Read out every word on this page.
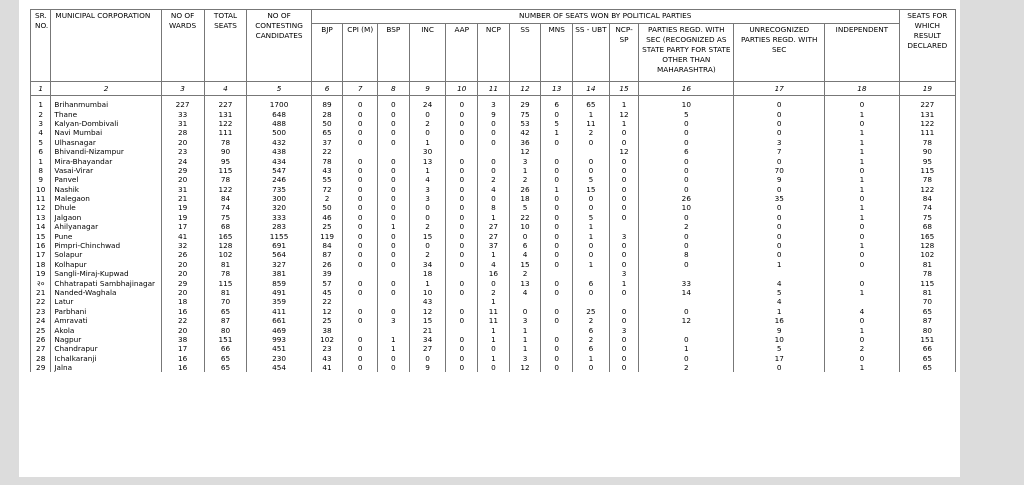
SR. NO.	MUNICIPAL CORPORATION	NO OF WARDS	TOTAL SEATS	NO OF CONTESTING CANDIDATES	NUMBER OF SEATS WON BY POLITICAL PARTIES													SEATS FOR WHICH RESULT DECLARED
					BJP	CPI (M)	BSP	INC	AAP	NCP	SS	MNS	SS - UBT	NCP-SP	PARTIES REGD. WITH SEC (RECOGNIZED AS STATE PARTY FOR STATE OTHER THAN MAHARASHTRA)	UNRECOGNIZED PARTIES REGD. WITH SEC	INDEPENDENT	
1	2	3	4	5	6	7	8	9	10	11	12	13	14	15	16	17	18	19

1	Brihanmumbai	227	227	1700	89	0	0	24	0	3	29	6	65	1	10	0	0	227
2	Thane	33	131	648	28	0	0	0	0	9	75	0	1	12	5	0	1	131
3	Kalyan-Dombivali	31	122	488	50	0	0	2	0	0	53	5	11	1	0	0	0	122
4	Navi Mumbai	28	111	500	65	0	0	0	0	0	42	1	2	0	0	0	1	111
5	Ulhasnagar	20	78	432	37	0	0	1	0	0	36	0	0	0	0	3	1	78
6	Bhivandi-Nizampur	23	90	438	22			30			12			12	6	7	1	90
1	Mira-Bhayandar	24	95	434	78	0	0	13	0	0	3	0	0	0	0	0	1	95
8	Vasai-Virar	29	115	547	43	0	0	1	0	0	1	0	0	0	0	70	0	115
9	Panvel	20	78	246	55	0	0	4	0	2	2	0	5	0	0	9	1	78
10	Nashik	31	122	735	72	0	0	3	0	4	26	1	15	0	0	0	1	122
11	Malegaon	21	84	300	2	0	0	3	0	0	18	0	0	0	26	35	0	84
12	Dhule	19	74	320	50	0	0	0	0	8	5	0	0	0	10	0	1	74
13	Jalgaon	19	75	333	46	0	0	0	0	1	22	0	5	0	0	0	1	75
14	Ahilyanagar	17	68	283	25	0	1	2	0	27	10	0	1		2	0	0	68
15	Pune	41	165	1155	119	0	0	15	0	27	0	0	1	3	0	0	0	165
16	Pimpri-Chinchwad	32	128	691	84	0	0	0	0	37	6	0	0	0	0	0	1	128
17	Solapur	26	102	564	87	0	0	2	0	1	4	0	0	0	8	0	0	102
18	Kolhapur	20	81	327	26	0	0	34	0	4	15	0	1	0	0	1	0	81
19	Sangli-Miraj-Kupwad	20	78	381	39			18		16	2			3				78
२०	Chhatrapati Sambhajinagar	29	115	859	57	0	0	1	0	0	13	0	6	1	33	4	0	115
21	Nanded-Waghala	20	81	491	45	0	0	10	0	2	4	0	0	0	14	5	1	81
22	Latur	18	70	359	22			43		1						4		70
23	Parbhani	16	65	411	12	0	0	12	0	11	0	0	25	0	0	1	4	65
24	Amravati	22	87	661	25	0	3	15	0	11	3	0	2	0	12	16	0	87
25	Akola	20	80	469	38			21		1	1		6	3		9	1	80
26	Nagpur	38	151	993	102	0	1	34	0	1	1	0	2	0	0	10	0	151
27	Chandrapur	17	66	451	23	0	1	27	0	0	1	0	6	0	1	5	2	66
28	Ichalkaranji	16	65	230	43	0	0	0	0	1	3	0	1	0	0	17	0	65
29	Jalna	16	65	454	41	0	0	9	0	0	12	0	0	0	2	0	1	65
